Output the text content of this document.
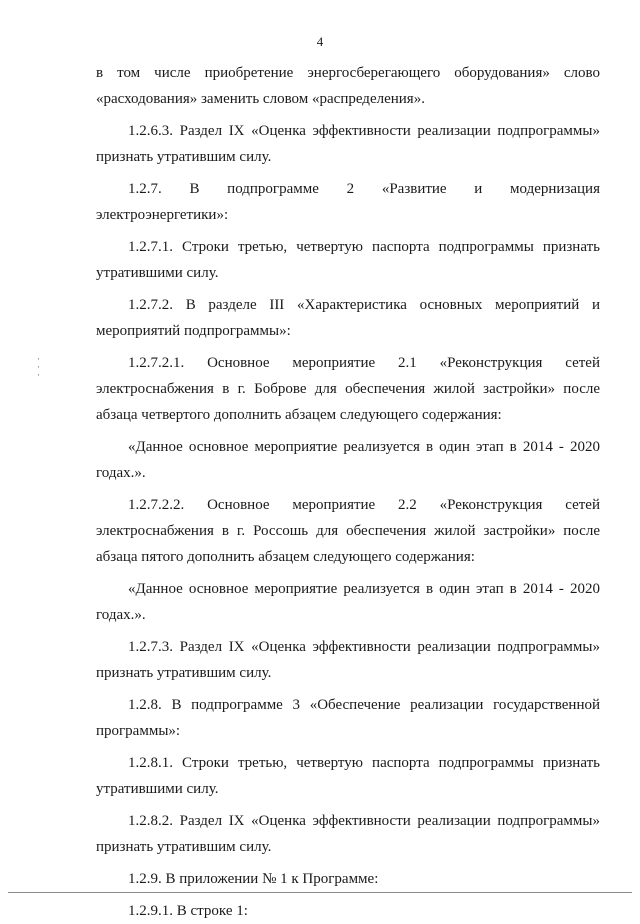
4
в том числе приобретение энергосберегающего оборудования» слово
«расходования» заменить словом «распределения».
1.2.6.3. Раздел IX «Оценка эффективности реализации подпрограммы»
признать утратившим силу.
1.2.7. В подпрограмме 2 «Развитие и модернизация
электроэнергетики»:
1.2.7.1. Строки третью, четвертую паспорта подпрограммы признать
утратившими силу.
1.2.7.2. В разделе III «Характеристика основных мероприятий и
мероприятий подпрограммы»:
1.2.7.2.1. Основное мероприятие 2.1 «Реконструкция сетей
электроснабжения в г. Боброве для обеспечения жилой застройки» после
абзаца четвертого дополнить абзацем следующего содержания:
«Данное основное мероприятие реализуется в один этап в 2014 - 2020
годах.».
1.2.7.2.2. Основное мероприятие 2.2 «Реконструкция сетей
электроснабжения в г. Россошь для обеспечения жилой застройки» после
абзаца пятого дополнить абзацем следующего содержания:
«Данное основное мероприятие реализуется в один этап в 2014 - 2020
годах.».
1.2.7.3. Раздел IX «Оценка эффективности реализации подпрограммы»
признать утратившим силу.
1.2.8. В подпрограмме 3 «Обеспечение реализации государственной
программы»:
1.2.8.1. Строки третью, четвертую паспорта подпрограммы признать
утратившими силу.
1.2.8.2. Раздел IX «Оценка эффективности реализации подпрограммы»
признать утратившим силу.
1.2.9. В приложении № 1 к Программе:
1.2.9.1. В строке 1:
·
·
·
